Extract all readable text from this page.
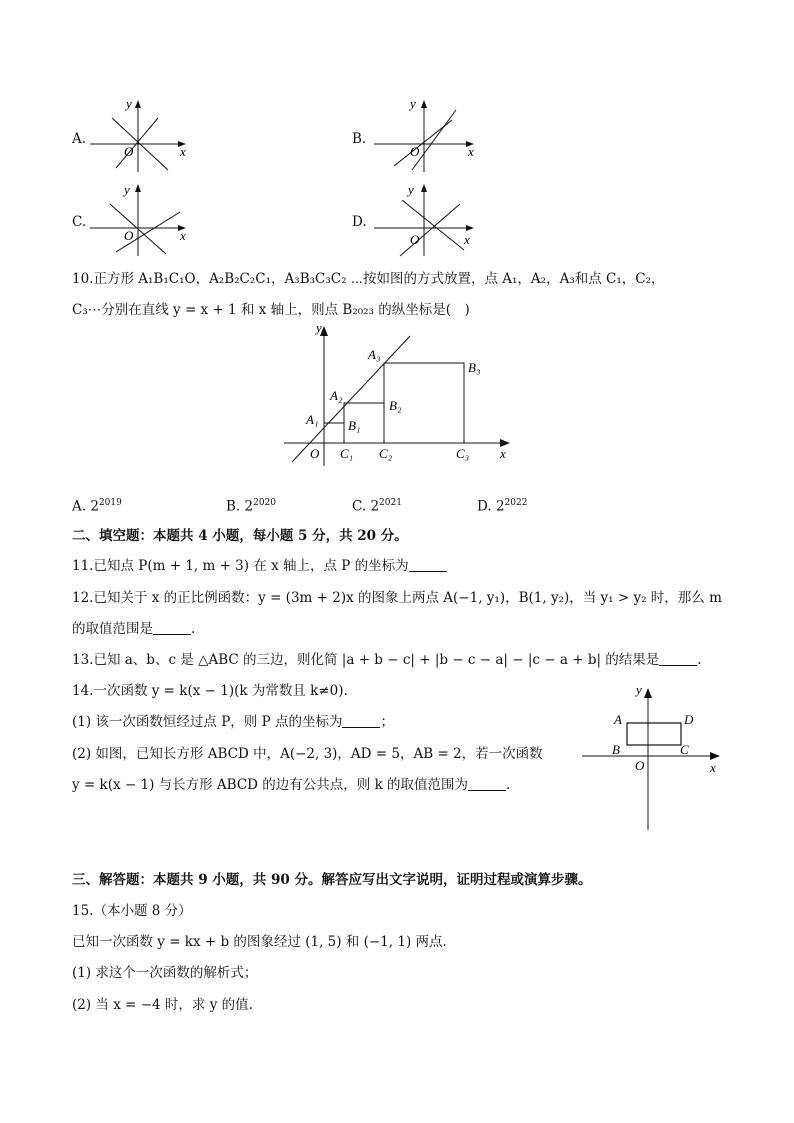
A.
y
x
O
B.
y
x
O
C.
y
x
O
D.
y
x
O
10.正方形 A₁B₁C₁O，A₂B₂C₂C₁，A₃B₃C₃C₂ ⋯按如图的方式放置，点 A₁，A₂，A₃和点 C₁，C₂，
C₃⋯分别在直线 y = x + 1 和 x 轴上，则点 B₂₀₂₃ 的纵坐标是(　)
y
x
O
A₁
A₂
A₃
B₁
B₂
B₃
C₁ C₂	C₃
A. $2^{2019}$	B. $2^{2020}$	C. $2^{2021}$	D. $2^{2022}$
二、填空题：本题共 4 小题，每小题 5 分，共 20 分。
11.已知点 P(m + 1, m + 3) 在 x 轴上，点 P 的坐标为
12.已知关于 x 的正比例函数：y = (3m + 2)x 的图象上两点 A(−1, y₁)，B(1, y₂)，当 y₁ > y₂ 时，那么 m
的取值范围是	.
13.已知 a、b、c 是 △ABC 的三边，则化简 |a + b − c| + |b − c − a| − |c − a + b| 的结果是	.
14.一次函数 y = k(x − 1)(k 为常数且 k≠0).
(1) 该一次函数恒经过点 P，则 P 点的坐标为	；
(2) 如图，已知长方形 ABCD 中，A(−2, 3)，AD = 5，AB = 2，若一次函数
y = k(x − 1) 与长方形 ABCD 的边有公共点，则 k 的取值范围为	.
y
x
O
A	D
B	C
三、解答题：本题共 9 小题，共 90 分。解答应写出文字说明，证明过程或演算步骤。
15.（本小题 8 分）
已知一次函数 y = kx + b 的图象经过 (1, 5) 和 (−1, 1) 两点.
(1) 求这个一次函数的解析式；
(2) 当 x = −4 时，求 y 的值.
